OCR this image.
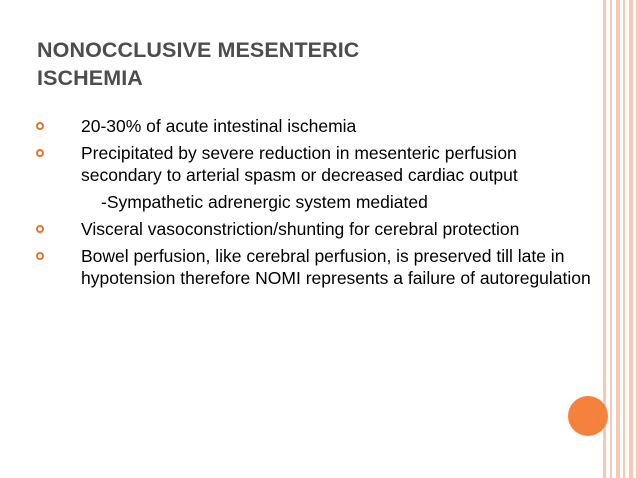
NONOCCLUSIVE MESENTERIC
ISCHEMIA
20-30% of acute intestinal ischemia
Precipitated by severe reduction in mesenteric perfusion secondary to arterial spasm or decreased cardiac output
-Sympathetic adrenergic system mediated
Visceral vasoconstriction/shunting for cerebral protection
Bowel perfusion, like cerebral perfusion, is preserved till late in hypotension therefore NOMI represents a failure of autoregulation
